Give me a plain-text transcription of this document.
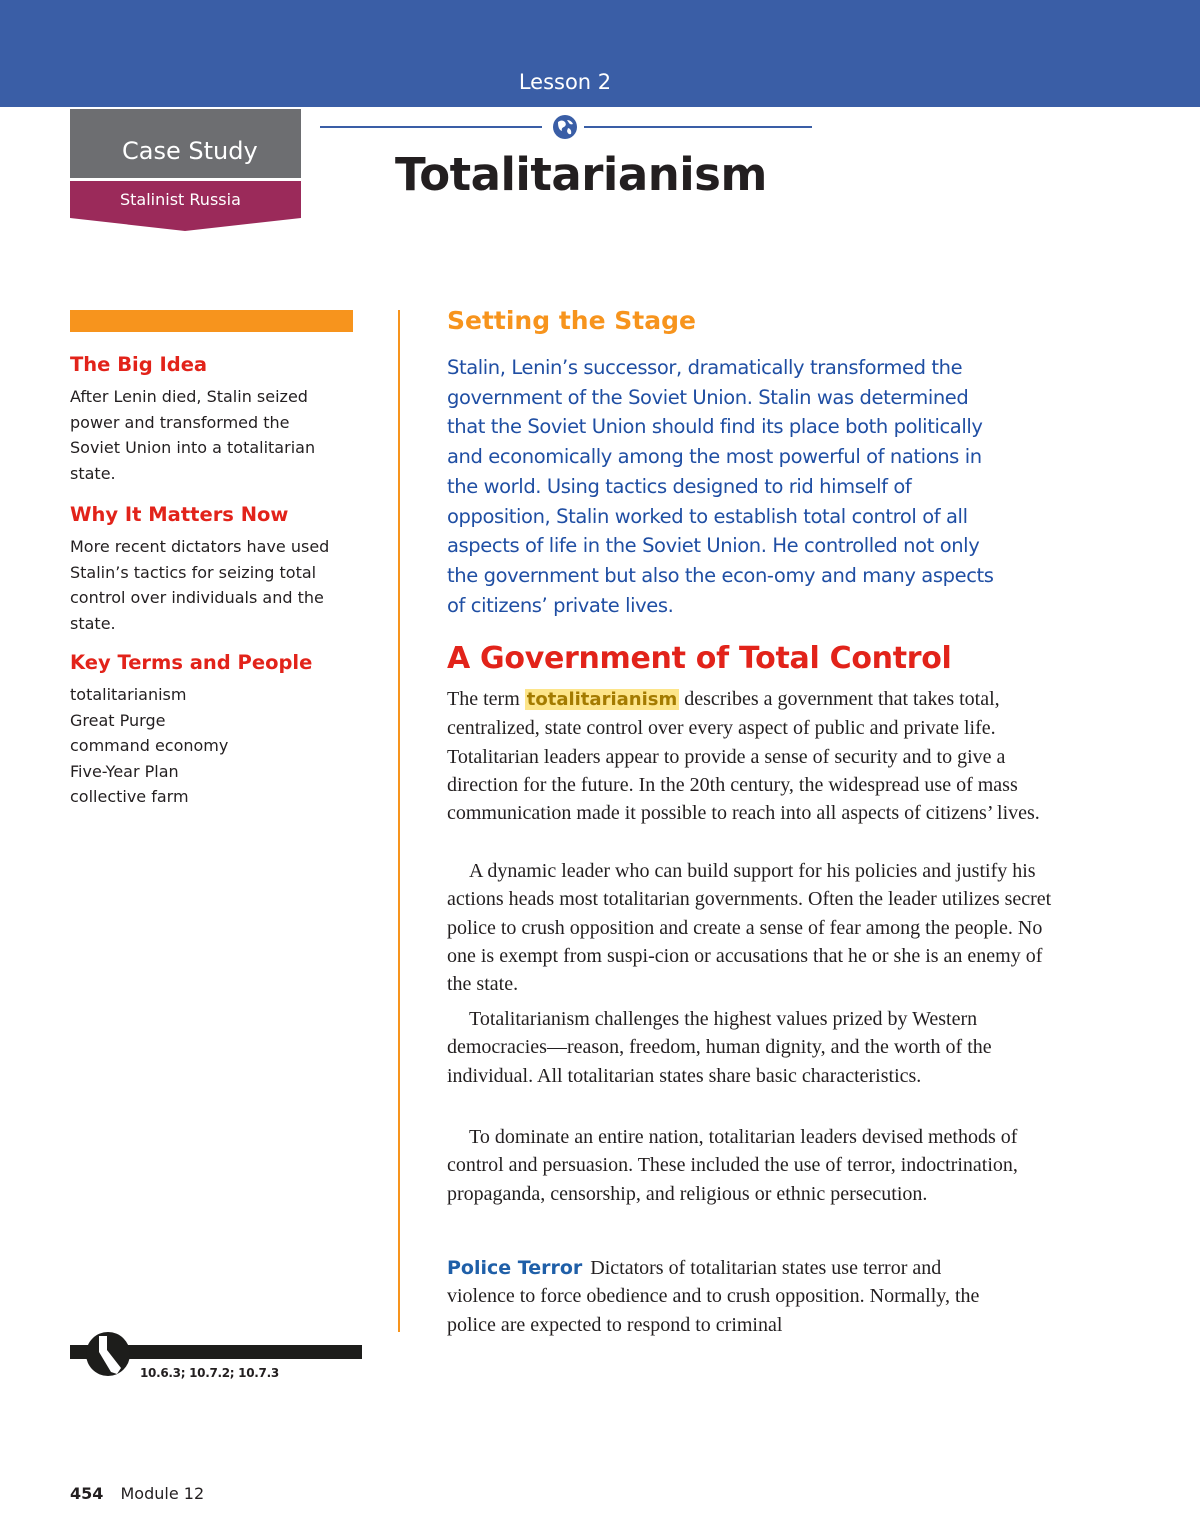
Lesson 2
Case Study
Stalinist Russia	Totalitarianism
The Big Idea
After Lenin died, Stalin seized power and transformed the Soviet Union into a totalitarian state.
Why It Matters Now
More recent dictators have used Stalin’s tactics for seizing total control over individuals and the state.
Key Terms and People
totalitarianism
Great Purge
command economy
Five-Year Plan
collective farm
10.6.3; 10.7.2; 10.7.3
Setting the Stage
Stalin, Lenin’s successor, dramatically transformed the government of the Soviet Union. Stalin was determined that the Soviet Union should find its place both politically and economically among the most powerful of nations in the world. Using tactics designed to rid himself of opposition, Stalin worked to establish total control of all aspects of life in the Soviet Union. He controlled not only the government but also the econ-omy and many aspects of citizens’ private lives.
A Government of Total Control

The term totalitarianism describes a government that takes total, centralized, state control over every aspect of public and private life. Totalitarian leaders appear to provide a sense of security and to give a direction for the future. In the 20th century, the widespread use of mass communication made it possible to reach into all aspects of citizens’ lives.

A dynamic leader who can build support for his policies and justify his actions heads most totalitarian governments. Often the leader utilizes secret police to crush opposition and create a sense of fear among the people. No one is exempt from suspi-cion or accusations that he or she is an enemy of the state.

Totalitarianism challenges the highest values prized by Western democracies—reason, freedom, human dignity, and the worth of the individual. All totalitarian states share basic characteristics.

To dominate an entire nation, totalitarian leaders devised methods of control and persuasion. These included the use of terror, indoctrination, propaganda, censorship, and religious or ethnic persecution.

Police Terror Dictators of totalitarian states use terror and violence to force obedience and to crush opposition. Normally, the police are expected to respond to criminal

454 Module 12
